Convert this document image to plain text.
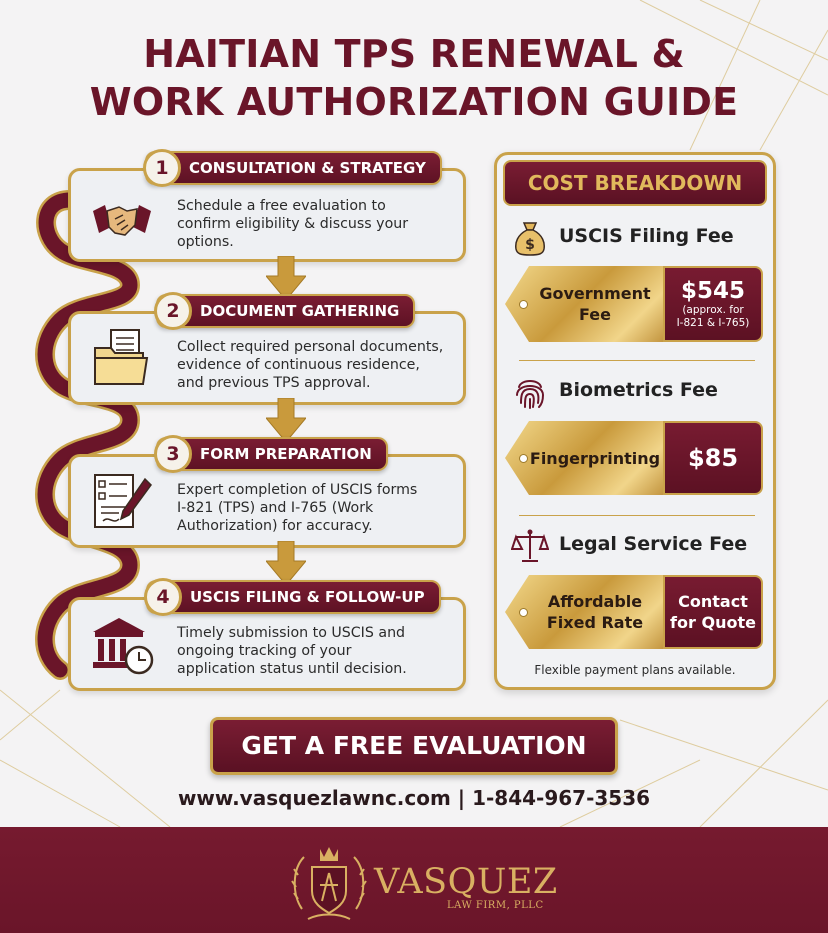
HAITIAN TPS RENEWAL &
WORK AUTHORIZATION GUIDE
Schedule a free evaluation to
confirm eligibility & discuss your
options.
1	CONSULTATION & STRATEGY
Collect required personal documents,
evidence of continuous residence,
and previous TPS approval.
2	DOCUMENT GATHERING
Expert completion of USCIS forms
I-821 (TPS) and I-765 (Work
Authorization) for accuracy.
3	FORM PREPARATION
Timely submission to USCIS and
ongoing tracking of your
application status until decision.
4	USCIS FILING & FOLLOW-UP
COST BREAKDOWN
$ USCIS Filing Fee
Government
Fee
$545
(approx. for
I-821 & I-765)
Biometrics Fee
Fingerprinting $85
Legal Service Fee
Affordable
Fixed Rate
Contact
for Quote
Flexible payment plans available.
GET A FREE EVALUATION
www.vasquezlawnc.com | 1-844-967-3536
VASQUEZ
LAW FIRM, PLLC
